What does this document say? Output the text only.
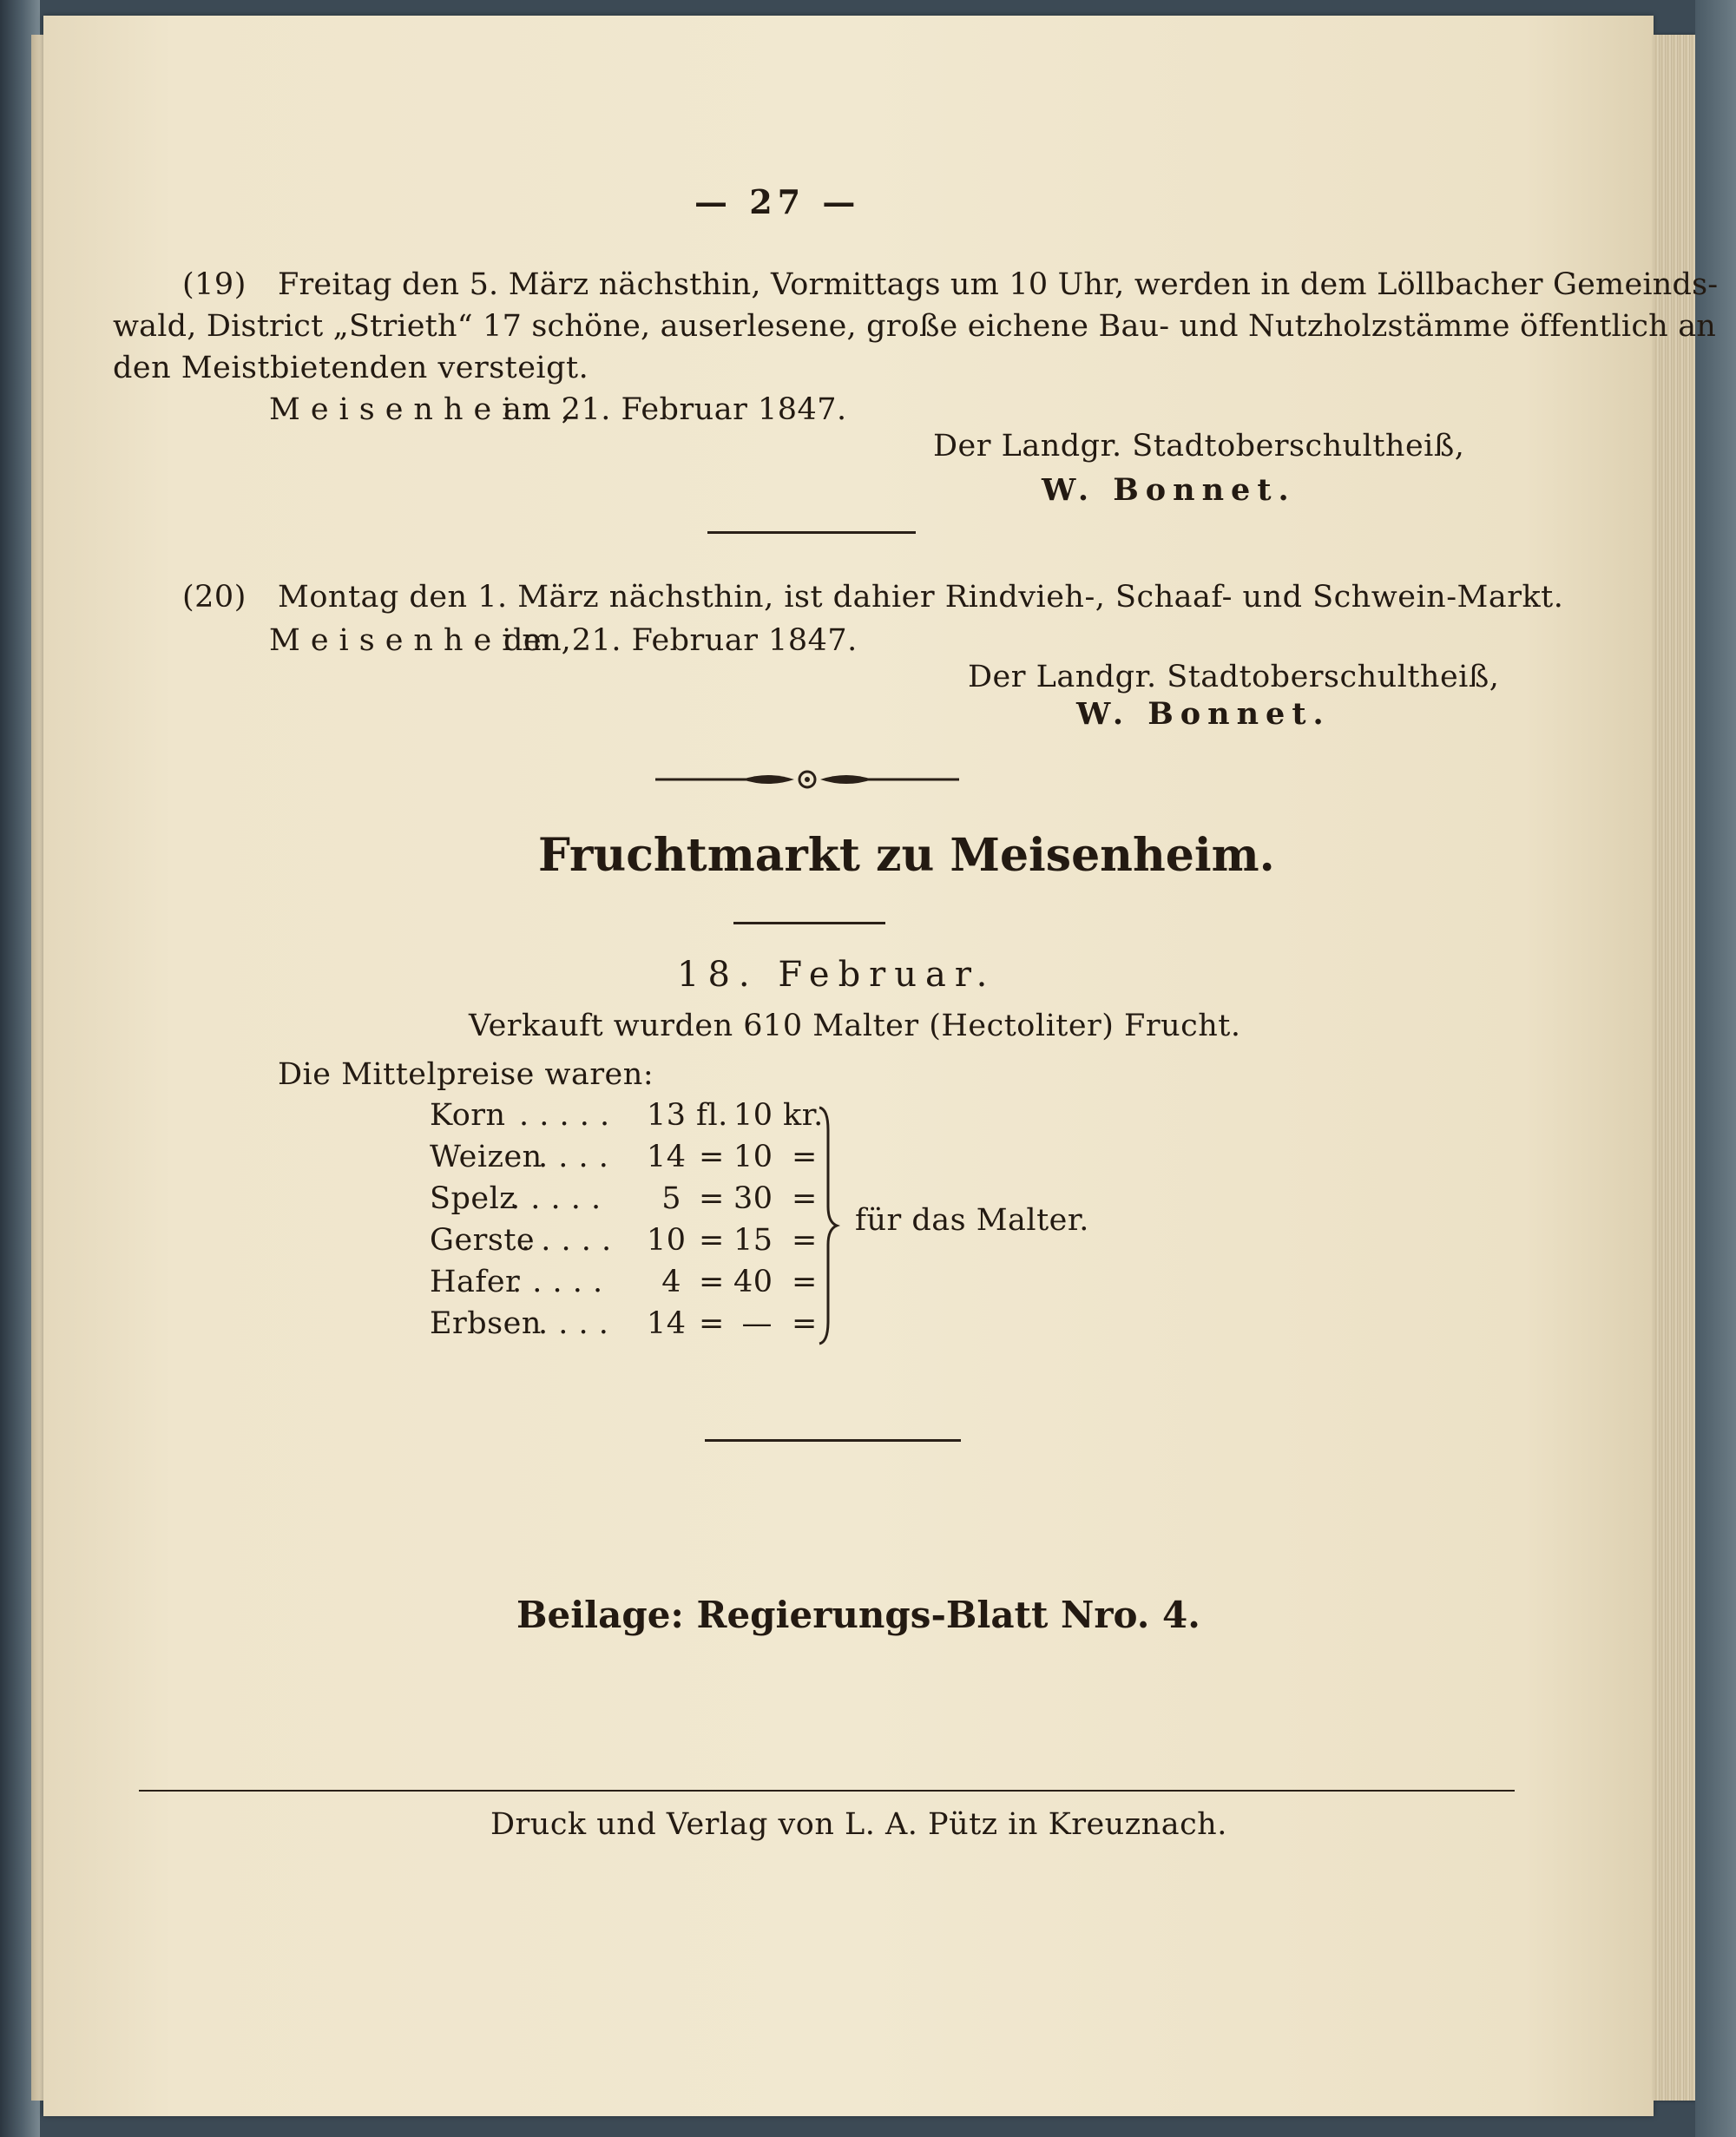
— 27 —
(19) Freitag den 5. März nächsthin, Vormittags um 10 Uhr, werden in dem Löllbacher Gemeinds-
wald, District „Strieth“ 17 schöne, auserlesene, große eichene Bau- und Nutzholzstämme öffentlich an
den Meistbietenden versteigt.
Meisenheim,
am 21. Februar 1847.
Der Landgr. Stadtoberschultheiß,
W. Bonnet.
(20) Montag den 1. März nächsthin, ist dahier Rindvieh-, Schaaf- und Schwein-Markt.
Meisenheim,
den 21. Februar 1847.
Der Landgr. Stadtoberschultheiß,
W. Bonnet.
Fruchtmarkt zu Meisenheim.
18. Februar.
Verkauft wurden 610 Malter (Hectoliter) Frucht.
Die Mittelpreise waren:
Korn . . . . . 13 fl. 10 kr.
Weizen
. . . . 14 = 10 =
Spelz
. . . . .	5 = 30 =
Gerste
. . . . . 10 = 15 =
Hafer
. . . . .	4 = 40 =
Erbsen
. . . . 14 = — =
für das Malter.
Beilage: Regierungs-Blatt Nro. 4.
Druck und Verlag von L. A. Pütz in Kreuznach.
